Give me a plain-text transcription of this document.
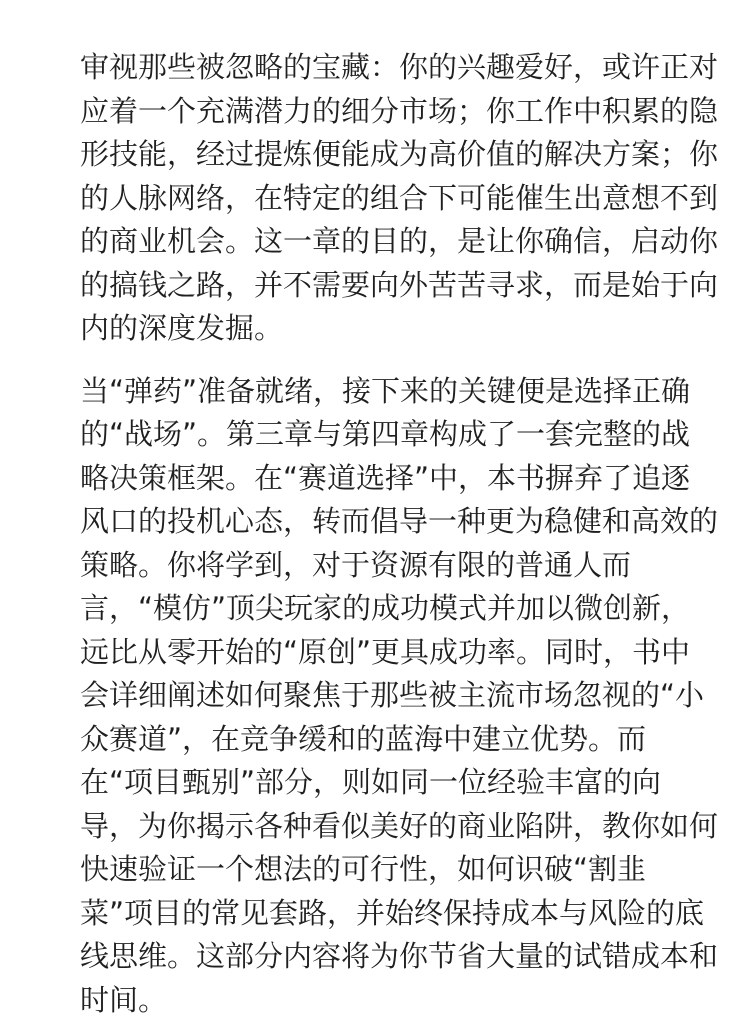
审视那些被忽略的宝藏：你的兴趣爱好，或许正对
应着一个充满潜力的细分市场；你工作中积累的隐
形技能，经过提炼便能成为高价值的解决方案；你
的人脉网络，在特定的组合下可能催生出意想不到
的商业机会。这一章的目的，是让你确信，启动你
的搞钱之路，并不需要向外苦苦寻求，而是始于向
内的深度发掘。

当“弹药”准备就绪，接下来的关键便是选择正确
的“战场”。第三章与第四章构成了一套完整的战
略决策框架。在“赛道选择”中，本书摒弃了追逐
风口的投机心态，转而倡导一种更为稳健和高效的
策略。你将学到，对于资源有限的普通人而
言，“模仿”顶尖玩家的成功模式并加以微创新，
远比从零开始的“原创”更具成功率。同时，书中
会详细阐述如何聚焦于那些被主流市场忽视的“小
众赛道”，在竞争缓和的蓝海中建立优势。而
在“项目甄别”部分，则如同一位经验丰富的向
导，为你揭示各种看似美好的商业陷阱，教你如何
快速验证一个想法的可行性，如何识破“割韭
菜”项目的常见套路，并始终保持成本与风险的底
线思维。这部分内容将为你节省大量的试错成本和
时间。
